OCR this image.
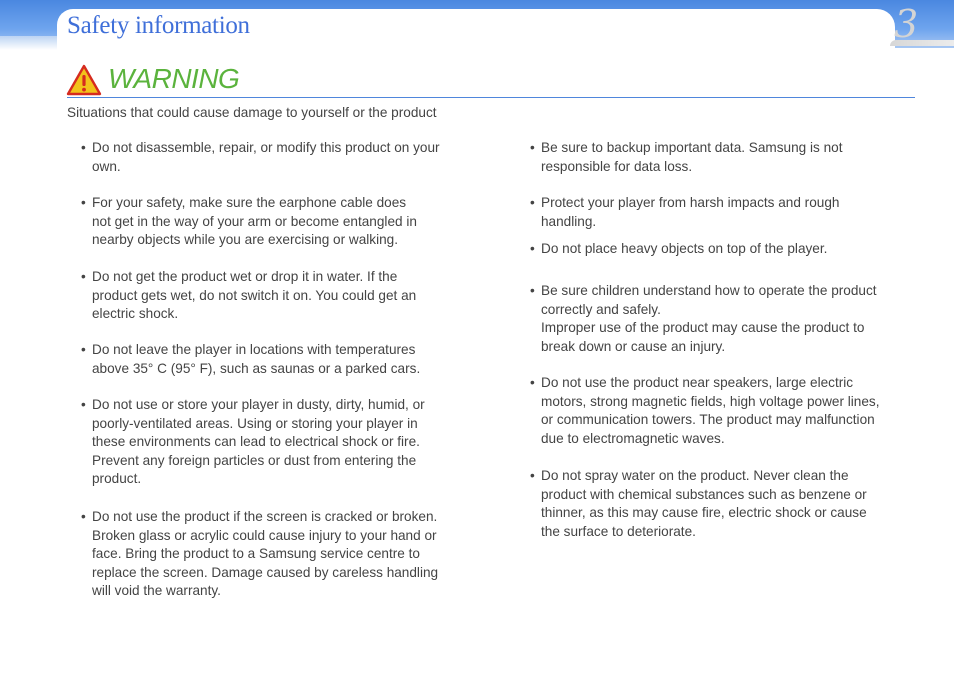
Safety information	3
WARNING
Situations that could cause damage to yourself or the product
• Do not disassemble, repair, or modify this product on your
own.
• For your safety, make sure the earphone cable does
not get in the way of your arm or become entangled in
nearby objects while you are exercising or walking.
• Do not get the product wet or drop it in water. If the
product gets wet, do not switch it on. You could get an
electric shock.
• Do not leave the player in locations with temperatures
above 35° C (95° F), such as saunas or a parked cars.
• Do not use or store your player in dusty, dirty, humid, or
poorly-ventilated areas. Using or storing your player in
these environments can lead to electrical shock or fire.
Prevent any foreign particles or dust from entering the
product.
• Do not use the product if the screen is cracked or broken.
Broken glass or acrylic could cause injury to your hand or
face. Bring the product to a Samsung service centre to
replace the screen. Damage caused by careless handling
will void the warranty.
• Be sure to backup important data. Samsung is not
responsible for data loss.
• Protect your player from harsh impacts and rough
handling.
• Do not place heavy objects on top of the player.
• Be sure children understand how to operate the product
correctly and safely.
Improper use of the product may cause the product to
break down or cause an injury.
• Do not use the product near speakers, large electric
motors, strong magnetic fields, high voltage power lines,
or communication towers. The product may malfunction
due to electromagnetic waves.
• Do not spray water on the product. Never clean the
product with chemical substances such as benzene or
thinner, as this may cause fire, electric shock or cause
the surface to deteriorate.
